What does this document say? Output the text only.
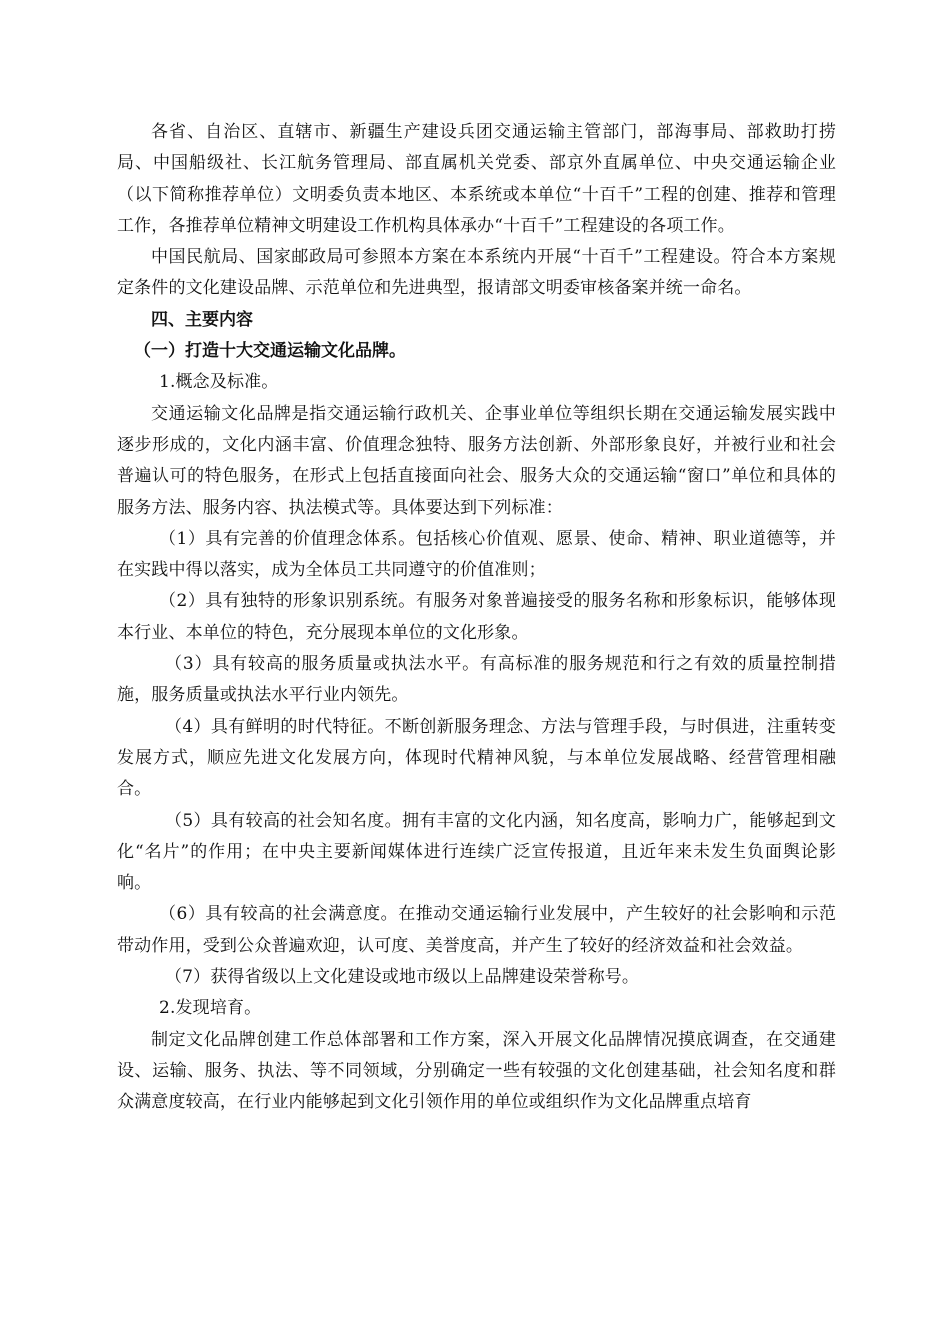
各省、自治区、直辖市、新疆生产建设兵团交通运输主管部门，部海事局、部救助打捞局、中国船级社、长江航务管理局、部直属机关党委、部京外直属单位、中央交通运输企业（以下简称推荐单位）文明委负责本地区、本系统或本单位“十百千”工程的创建、推荐和管理工作，各推荐单位精神文明建设工作机构具体承办“十百千”工程建设的各项工作。

中国民航局、国家邮政局可参照本方案在本系统内开展“十百千”工程建设。符合本方案规定条件的文化建设品牌、示范单位和先进典型，报请部文明委审核备案并统一命名。

四、主要内容

（一）打造十大交通运输文化品牌。

1.概念及标准。

交通运输文化品牌是指交通运输行政机关、企事业单位等组织长期在交通运输发展实践中逐步形成的，文化内涵丰富、价值理念独特、服务方法创新、外部形象良好，并被行业和社会普遍认可的特色服务，在形式上包括直接面向社会、服务大众的交通运输“窗口”单位和具体的服务方法、服务内容、执法模式等。具体要达到下列标准：

（1）具有完善的价值理念体系。包括核心价值观、愿景、使命、精神、职业道德等，并在实践中得以落实，成为全体员工共同遵守的价值准则；

（2）具有独特的形象识别系统。有服务对象普遍接受的服务名称和形象标识，能够体现本行业、本单位的特色，充分展现本单位的文化形象。

（3）具有较高的服务质量或执法水平。有高标准的服务规范和行之有效的质量控制措施，服务质量或执法水平行业内领先。

（4）具有鲜明的时代特征。不断创新服务理念、方法与管理手段，与时俱进，注重转变发展方式，顺应先进文化发展方向，体现时代精神风貌，与本单位发展战略、经营管理相融合。

（5）具有较高的社会知名度。拥有丰富的文化内涵，知名度高，影响力广，能够起到文化“名片”的作用；在中央主要新闻媒体进行连续广泛宣传报道，且近年来未发生负面舆论影响。

（6）具有较高的社会满意度。在推动交通运输行业发展中，产生较好的社会影响和示范带动作用，受到公众普遍欢迎，认可度、美誉度高，并产生了较好的经济效益和社会效益。

（7）获得省级以上文化建设或地市级以上品牌建设荣誉称号。

2.发现培育。

制定文化品牌创建工作总体部署和工作方案，深入开展文化品牌情况摸底调查，在交通建设、运输、服务、执法、等不同领域，分别确定一些有较强的文化创建基础，社会知名度和群众满意度较高，在行业内能够起到文化引领作用的单位或组织作为文化品牌重点培育
